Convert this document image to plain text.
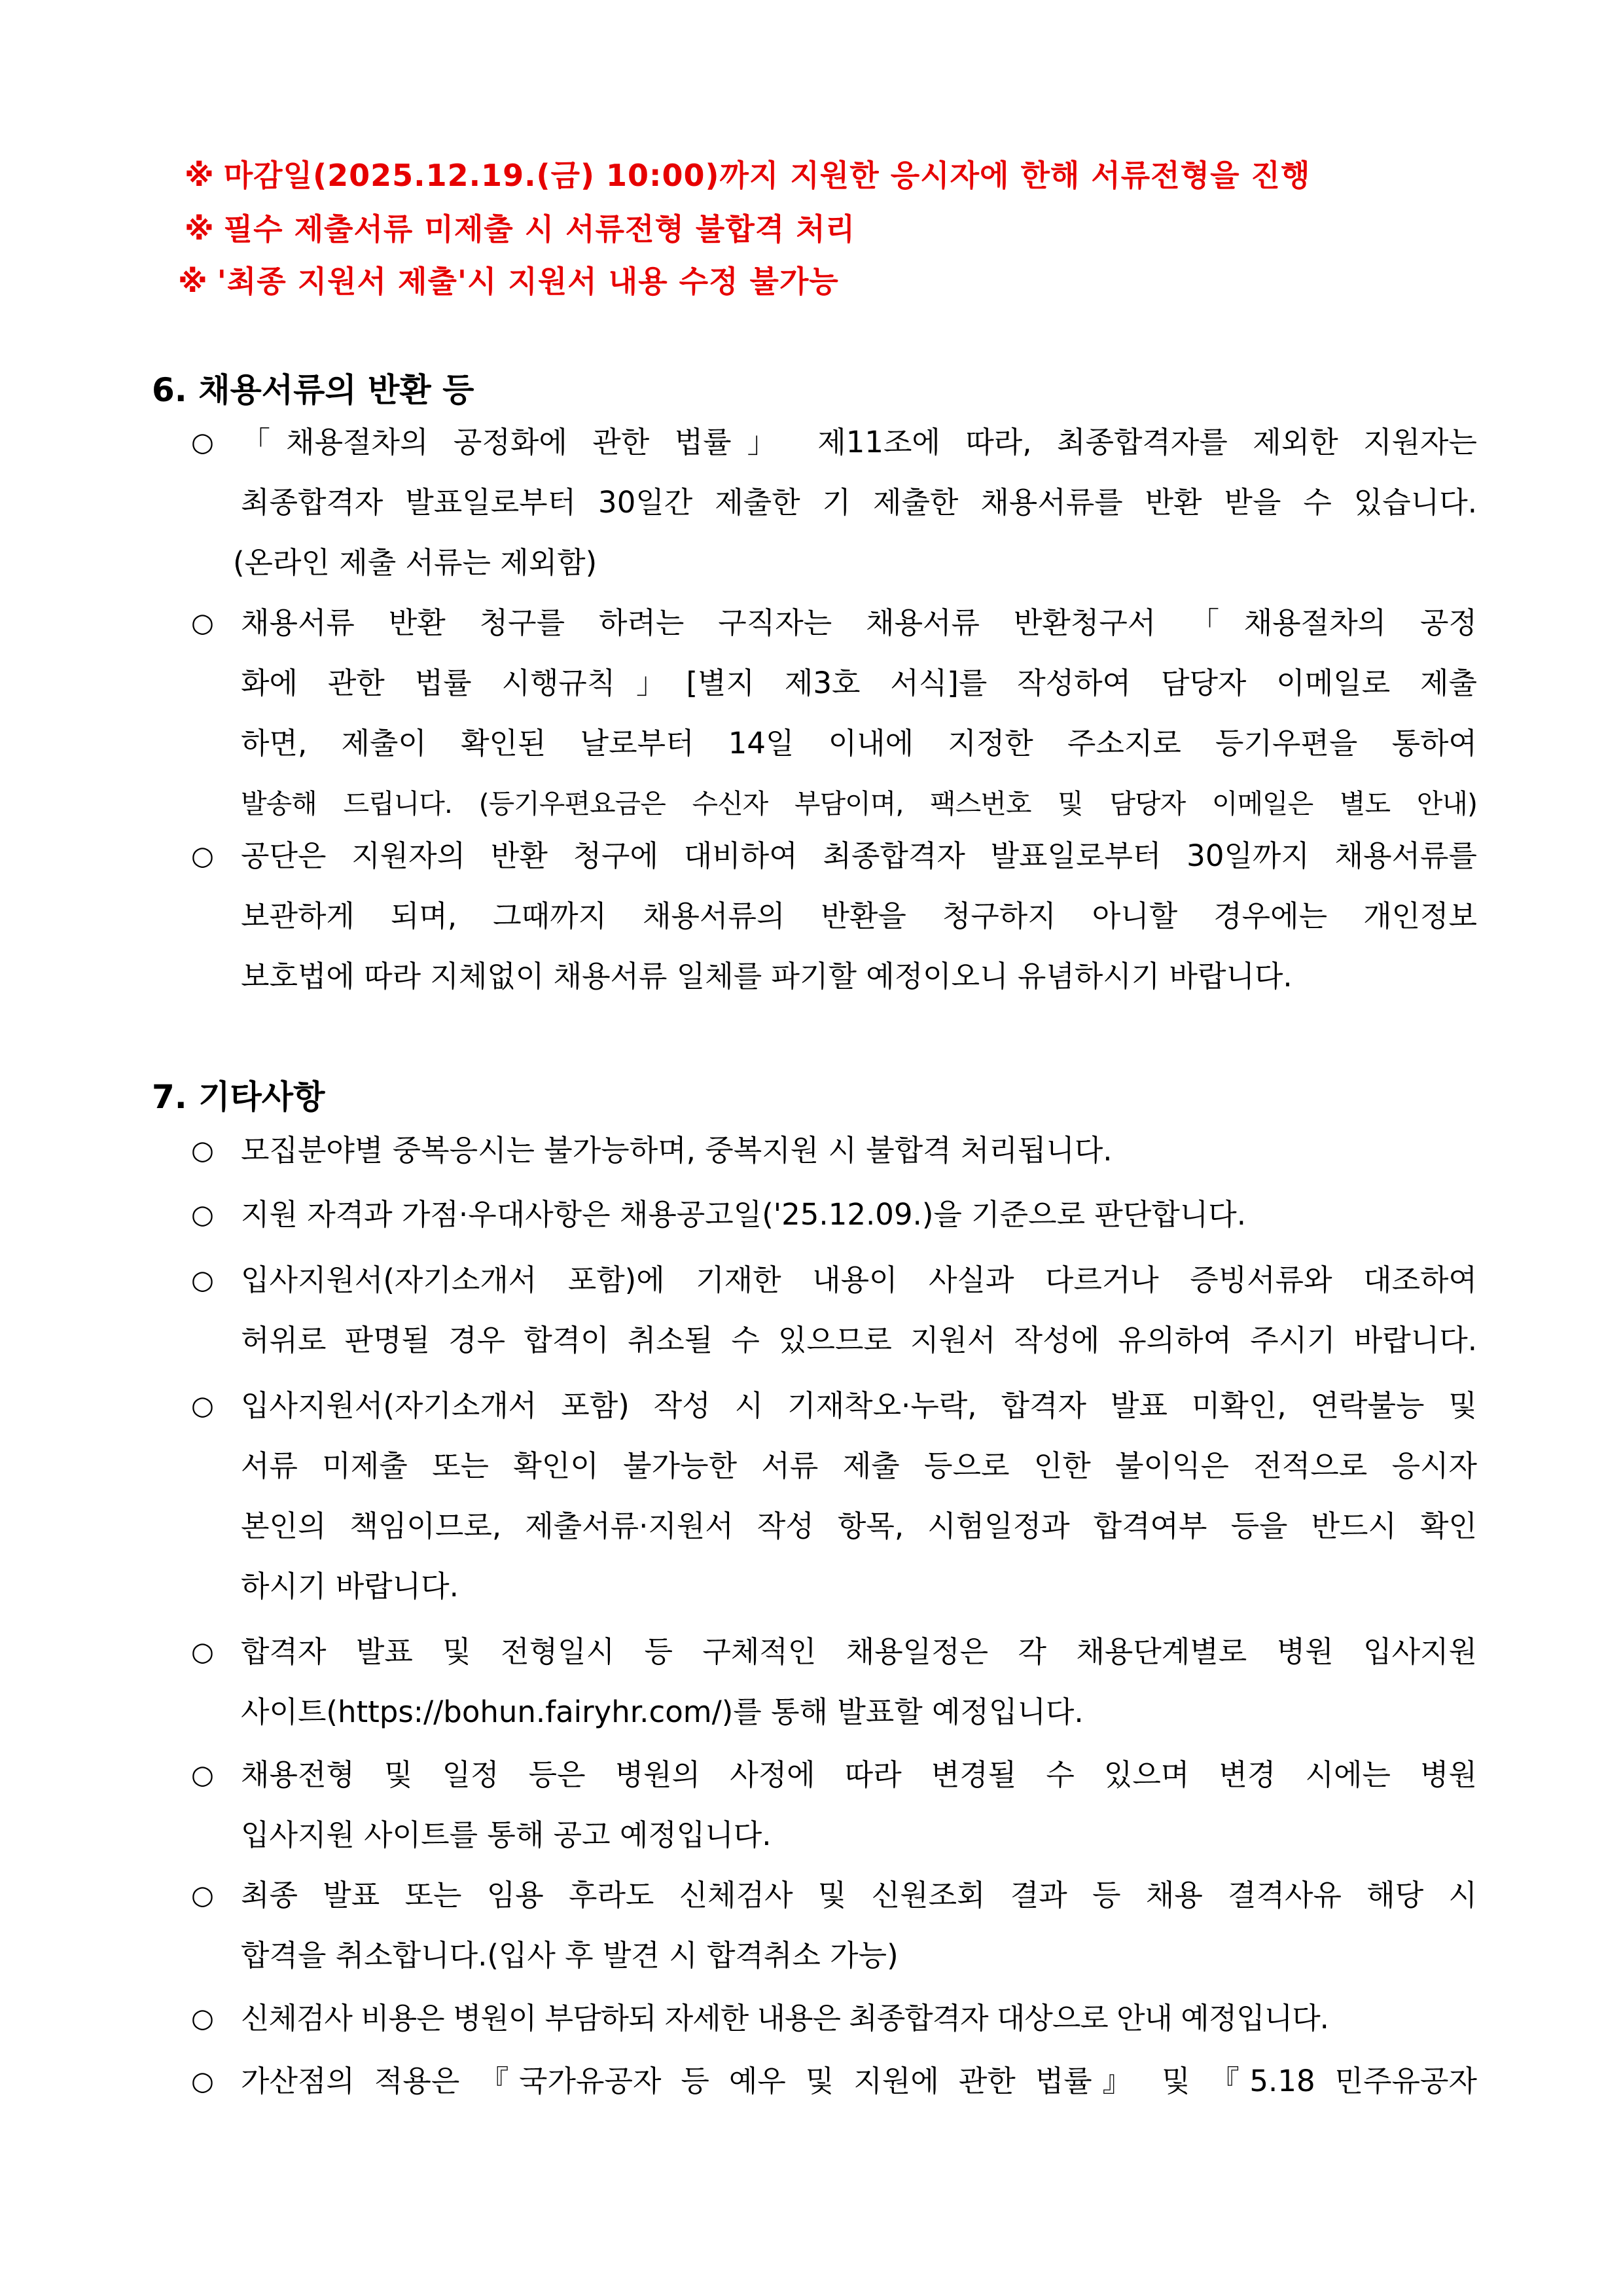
※ 마감일(2025.12.19.(금) 10:00)까지 지원한 응시자에 한해 서류전형을 진행
※ 필수 제출서류 미제출 시 서류전형 불합격 처리
※ '최종 지원서 제출'시 지원서 내용 수정 불가능
6. 채용서류의 반환 등
○ 「채용절차의 공정화에 관한 법률」 제11조에 따라, 최종합격자를 제외한 지원자는
최종합격자 발표일로부터 30일간 제출한 기 제출한 채용서류를 반환 받을 수 있습니다.
(온라인 제출 서류는 제외함)
○ 채용서류 반환 청구를 하려는 구직자는 채용서류 반환청구서 「채용절차의 공정
화에 관한 법률 시행규칙」[별지 제3호 서식]를 작성하여 담당자 이메일로 제출
하면, 제출이 확인된 날로부터 14일 이내에 지정한 주소지로 등기우편을 통하여
발송해 드립니다. (등기우편요금은 수신자 부담이며, 팩스번호 및 담당자 이메일은 별도 안내)
○ 공단은 지원자의 반환 청구에 대비하여 최종합격자 발표일로부터 30일까지 채용서류를
보관하게 되며, 그때까지 채용서류의 반환을 청구하지 아니할 경우에는 개인정보
보호법에 따라 지체없이 채용서류 일체를 파기할 예정이오니 유념하시기 바랍니다.
7. 기타사항
○ 모집분야별 중복응시는 불가능하며, 중복지원 시 불합격 처리됩니다.
○ 지원 자격과 가점·우대사항은 채용공고일('25.12.09.)을 기준으로 판단합니다.
○ 입사지원서(자기소개서 포함)에 기재한 내용이 사실과 다르거나 증빙서류와 대조하여
허위로 판명될 경우 합격이 취소될 수 있으므로 지원서 작성에 유의하여 주시기 바랍니다.
○ 입사지원서(자기소개서 포함) 작성 시 기재착오·누락, 합격자 발표 미확인, 연락불능 및
서류 미제출 또는 확인이 불가능한 서류 제출 등으로 인한 불이익은 전적으로 응시자
본인의 책임이므로, 제출서류·지원서 작성 항목, 시험일정과 합격여부 등을 반드시 확인
하시기 바랍니다.
○ 합격자 발표 및 전형일시 등 구체적인 채용일정은 각 채용단계별로 병원 입사지원
사이트(https://bohun.fairyhr.com/)를 통해 발표할 예정입니다.
○ 채용전형 및 일정 등은 병원의 사정에 따라 변경될 수 있으며 변경 시에는 병원
입사지원 사이트를 통해 공고 예정입니다.
○ 최종 발표 또는 임용 후라도 신체검사 및 신원조회 결과 등 채용 결격사유 해당 시
합격을 취소합니다.(입사 후 발견 시 합격취소 가능)
○ 신체검사 비용은 병원이 부담하되 자세한 내용은 최종합격자 대상으로 안내 예정입니다.
○ 가산점의 적용은 『국가유공자 등 예우 및 지원에 관한 법률』 및 『5.18 민주유공자
